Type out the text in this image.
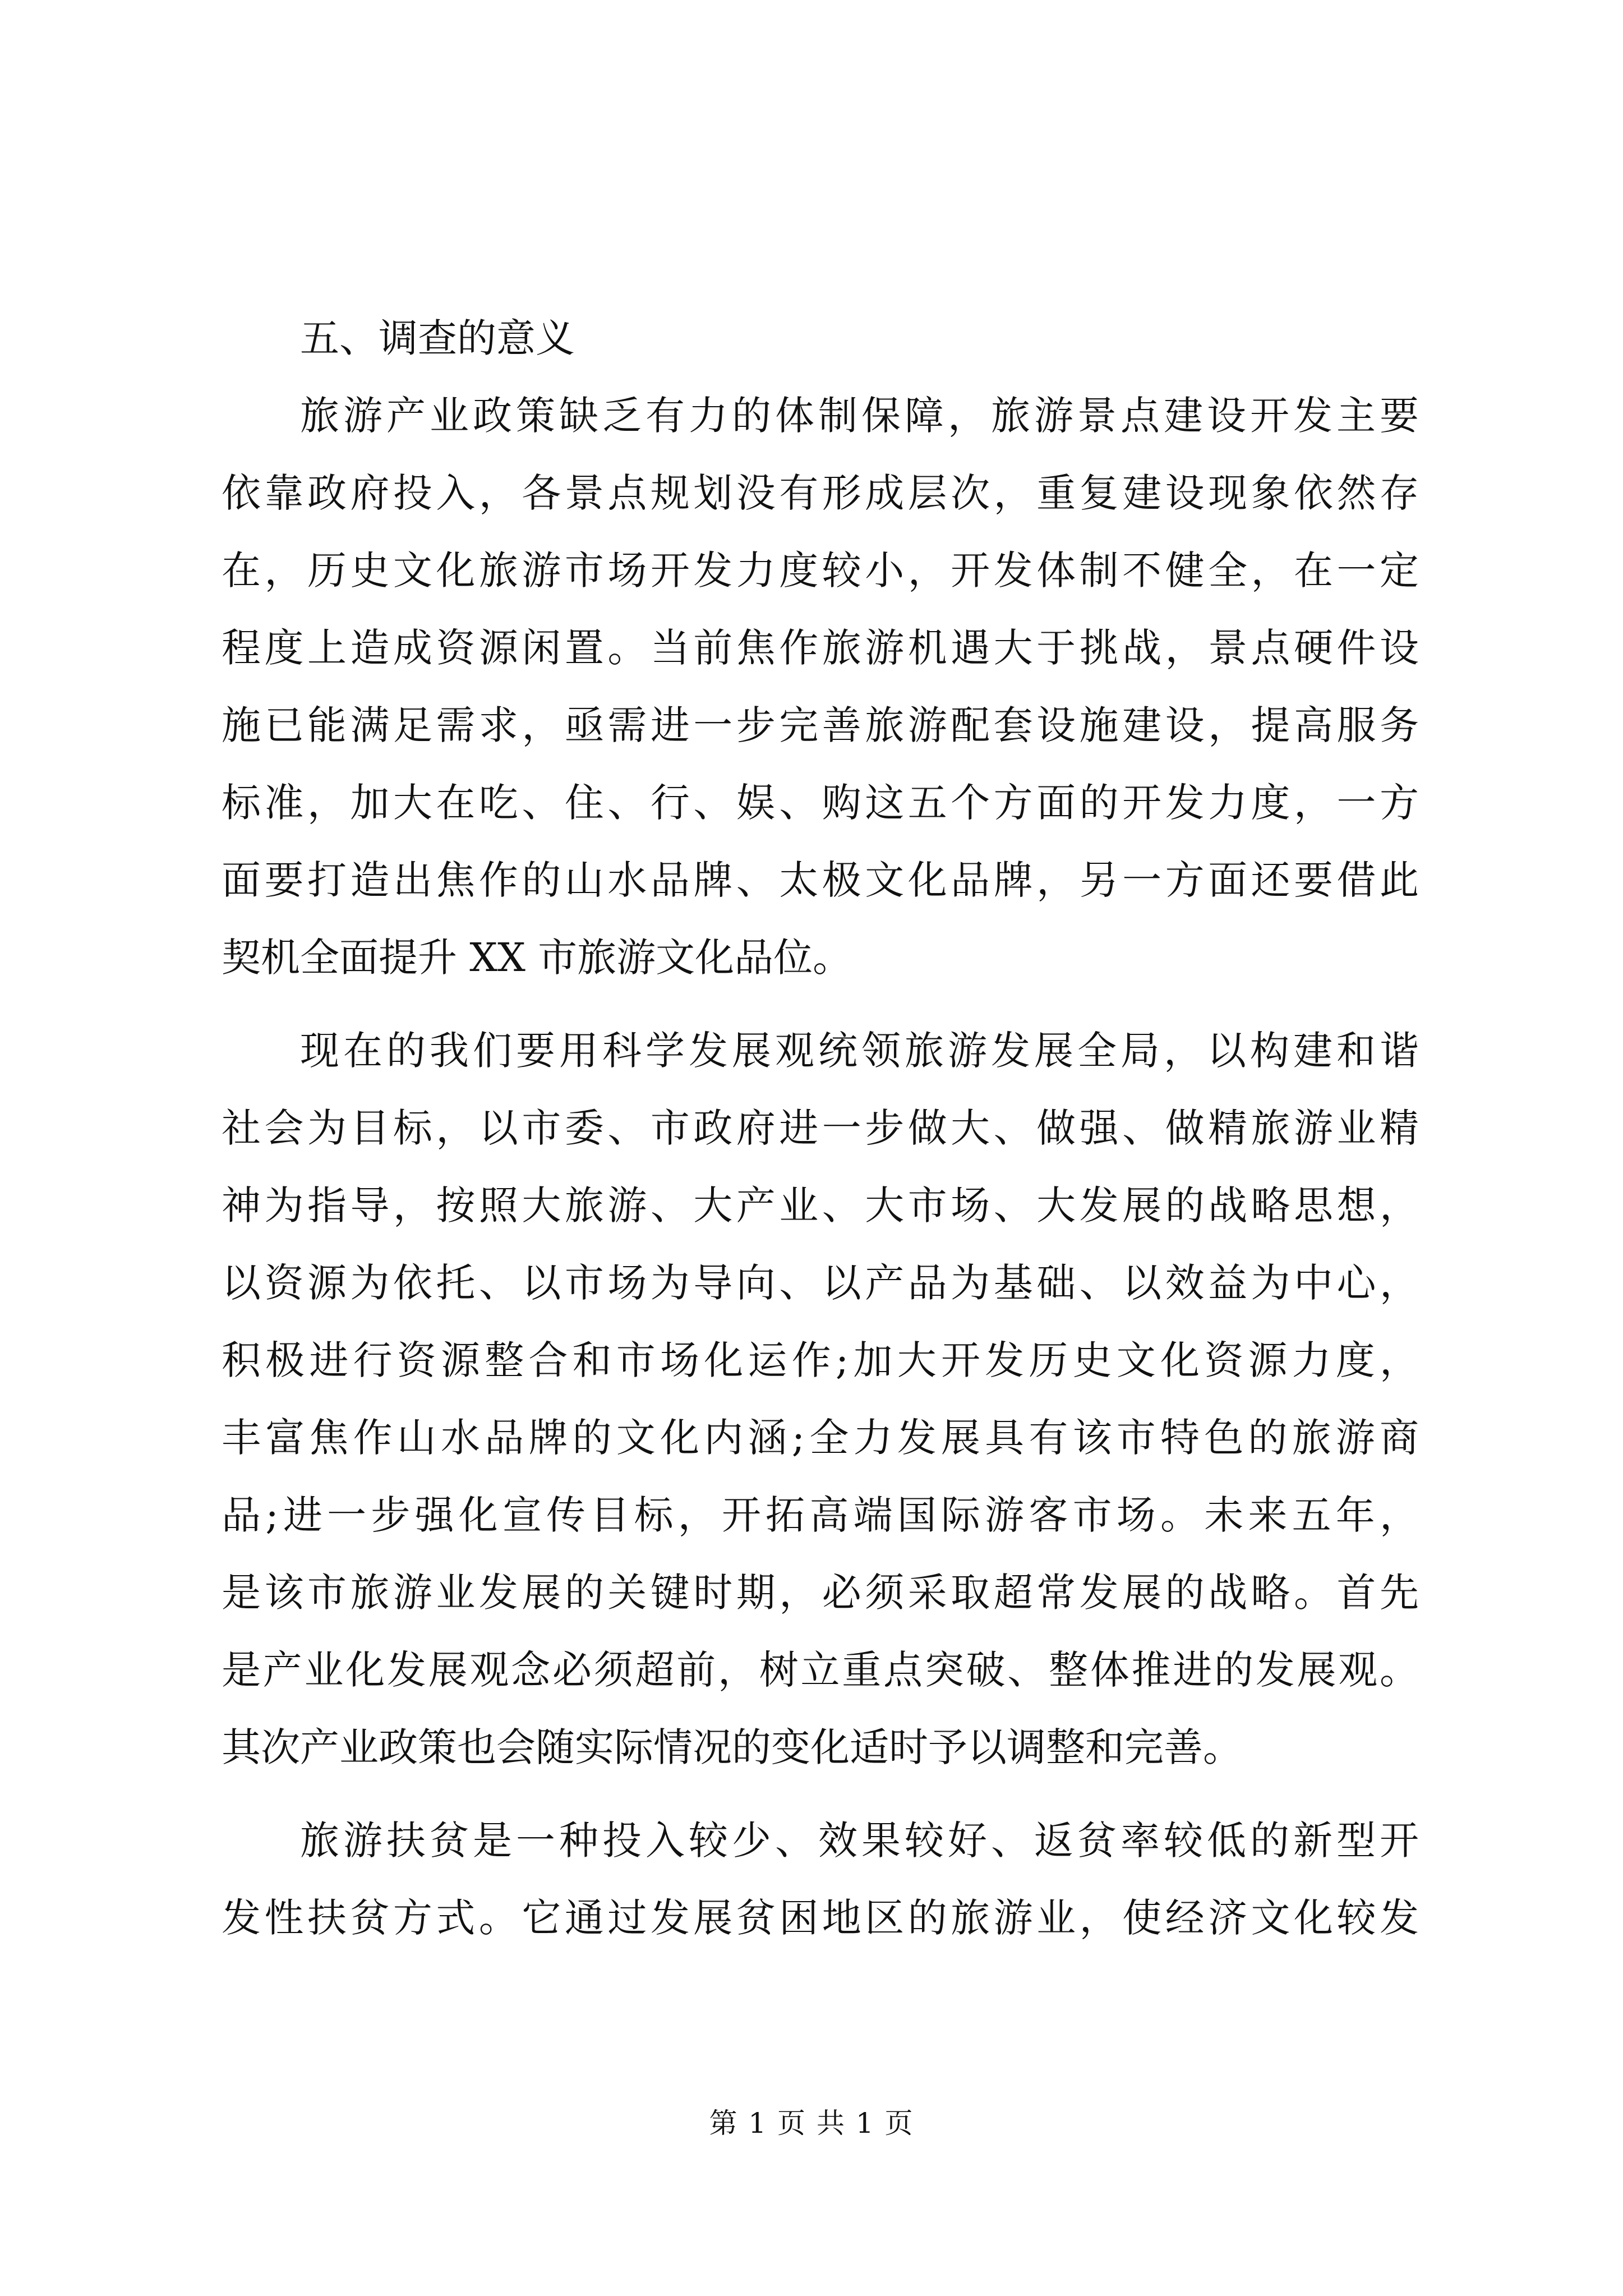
五、调查的意义
旅游产业政策缺乏有力的体制保障，旅游景点建设开发主要
依靠政府投入，各景点规划没有形成层次，重复建设现象依然存
在，历史文化旅游市场开发力度较小，开发体制不健全，在一定
程度上造成资源闲置。当前焦作旅游机遇大于挑战，景点硬件设
施已能满足需求，亟需进一步完善旅游配套设施建设，提高服务
标准，加大在吃、住、行、娱、购这五个方面的开发力度，一方
面要打造出焦作的山水品牌、太极文化品牌，另一方面还要借此
契机全面提升 XX 市旅游文化品位。
现在的我们要用科学发展观统领旅游发展全局，以构建和谐
社会为目标，以市委、市政府进一步做大、做强、做精旅游业精
神为指导，按照大旅游、大产业、大市场、大发展的战略思想，
以资源为依托、以市场为导向、以产品为基础、以效益为中心，
积极进行资源整合和市场化运作;加大开发历史文化资源力度，
丰富焦作山水品牌的文化内涵;全力发展具有该市特色的旅游商
品;进一步强化宣传目标，开拓高端国际游客市场。未来五年，
是该市旅游业发展的关键时期，必须采取超常发展的战略。首先
是产业化发展观念必须超前，树立重点突破、整体推进的发展观。
其次产业政策也会随实际情况的变化适时予以调整和完善。
旅游扶贫是一种投入较少、效果较好、返贫率较低的新型开
发性扶贫方式。它通过发展贫困地区的旅游业，使经济文化较发
第 1 页 共 1 页
